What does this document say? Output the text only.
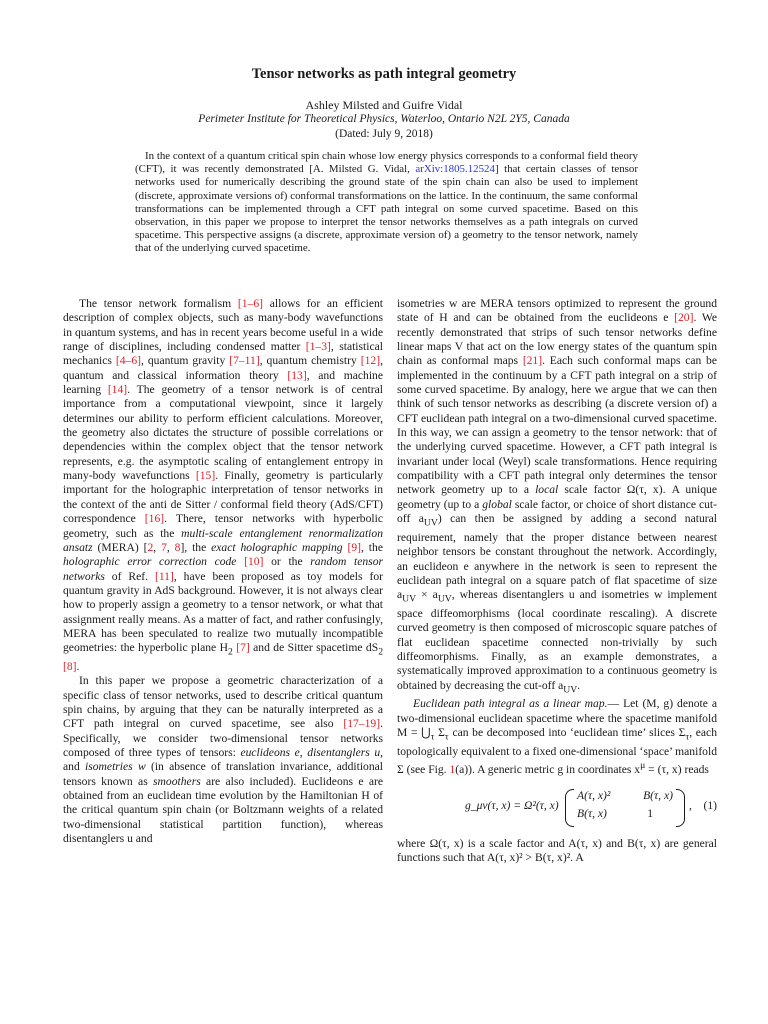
Tensor networks as path integral geometry
Ashley Milsted and Guifre Vidal
Perimeter Institute for Theoretical Physics, Waterloo, Ontario N2L 2Y5, Canada
(Dated: July 9, 2018)
In the context of a quantum critical spin chain whose low energy physics corresponds to a conformal field theory (CFT), it was recently demonstrated [A. Milsted G. Vidal, arXiv:1805.12524] that certain classes of tensor networks used for numerically describing the ground state of the spin chain can also be used to implement (discrete, approximate versions of) conformal transformations on the lattice. In the continuum, the same conformal transformations can be implemented through a CFT path integral on some curved spacetime. Based on this observation, in this paper we propose to interpret the tensor networks themselves as a path integrals on curved spacetime. This perspective assigns (a discrete, approximate version of) a geometry to the tensor network, namely that of the underlying curved spacetime.

The tensor network formalism [1–6] allows for an efficient description of complex objects, such as many-body wavefunctions in quantum systems, and has in recent years become useful in a wide range of disciplines, including condensed matter [1–3], statistical mechanics [4–6], quantum gravity [7–11], quantum chemistry [12], quantum and classical information theory [13], and machine learning [14]. The geometry of a tensor network is of central importance from a computational viewpoint, since it largely determines our ability to perform efficient calculations. Moreover, the geometry also dictates the structure of possible correlations or dependencies within the complex object that the tensor network represents, e.g. the asymptotic scaling of entanglement entropy in many-body wavefunctions [15]. Finally, geometry is particularly important for the holographic interpretation of tensor networks in the context of the anti de Sitter / conformal field theory (AdS/CFT) correspondence [16]. There, tensor networks with hyperbolic geometry, such as the multi-scale entanglement renormalization ansatz (MERA) [2, 7, 8], the exact holographic mapping [9], the holographic error correction code [10] or the random tensor networks of Ref. [11], have been proposed as toy models for quantum gravity in AdS background. However, it is not always clear how to properly assign a geometry to a tensor network, or what that assignment really means. As a matter of fact, and rather confusingly, MERA has been speculated to realize two mutually incompatible geometries: the hyperbolic plane $H_2$ [7] and de Sitter spacetime $dS_2$ [8].

In this paper we propose a geometric characterization of a specific class of tensor networks, used to describe critical quantum spin chains, by arguing that they can be naturally interpreted as a CFT path integral on curved spacetime, see also [17–19]. Specifically, we consider two-dimensional tensor networks composed of three types of tensors: euclideons e, disentanglers u, and isometries w (in absence of translation invariance, additional tensors known as smoothers are also included). Euclideons e are obtained from an euclidean time evolution by the Hamiltonian H of the critical quantum spin chain (or Boltzmann weights of a related two-dimensional statistical partition function), whereas disentanglers u and

isometries w are MERA tensors optimized to represent the ground state of H and can be obtained from the euclideons e [20]. We recently demonstrated that strips of such tensor networks define linear maps V that act on the low energy states of the quantum spin chain as conformal maps [21]. Each such conformal maps can be implemented in the continuum by a CFT path integral on a strip of some curved spacetime. By analogy, here we argue that we can then think of such tensor networks as describing (a discrete version of) a CFT euclidean path integral on a two-dimensional curved spacetime. In this way, we can assign a geometry to the tensor network: that of the underlying curved spacetime. However, a CFT path integral is invariant under local (Weyl) scale transformations. Hence requiring compatibility with a CFT path integral only determines the tensor network geometry up to a local scale factor Ω(τ, x). A unique geometry (up to a global scale factor, or choice of short distance cut-off $a_{UV}$) can then be assigned by adding a second natural requirement, namely that the proper distance between nearest neighbor tensors be constant throughout the network. Accordingly, an euclideon e anywhere in the network is seen to represent the euclidean path integral on a square patch of flat spacetime of size $a_{UV} \times a_{UV}$, whereas disentanglers u and isometries w implement space diffeomorphisms (local coordinate rescaling). A discrete curved geometry is then composed of microscopic square patches of flat euclidean spacetime connected non-trivially by such diffeomorphisms. Finally, as an example demonstrates, a systematically improved approximation to a continuous geometry is obtained by decreasing the cut-off $a_{UV}$.

Euclidean path integral as a linear map.— Let (M, g) denote a two-dimensional euclidean spacetime where the spacetime manifold $M = ⋃_\tau$ $\Sigma_\tau$ can be decomposed into ‘euclidean time’ slices $\Sigma_\tau$, each topologically equivalent to a fixed one-dimensional ‘space’ manifold Σ (see Fig. 1(a)). A generic metric g in coordinates $x^\mu = (\tau$, x) reads

g_μν(τ, x) = Ω²(τ, x)
A(τ, x)²	B(τ, x)
B(τ, x)	1
, (1)

where Ω(τ, x) is a scale factor and A(τ, x) and B(τ, x) are general functions such that A(τ, x)² > B(τ, x)². A
